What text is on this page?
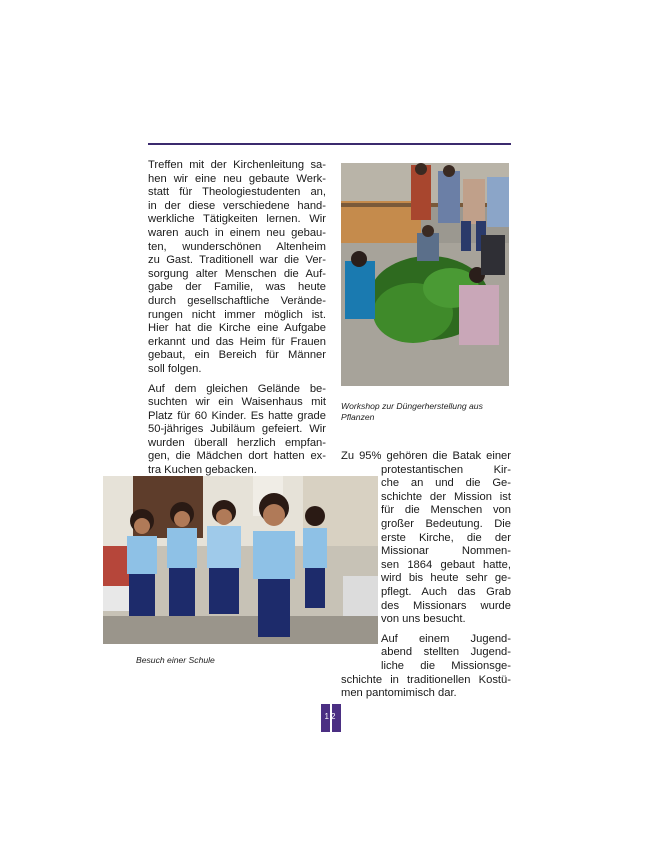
Treffen mit der Kirchenleitung sa-
hen wir eine neu gebaute Werk-
statt für Theologiestudenten an,
in der diese verschiedene hand-
werkliche Tätigkeiten lernen. Wir
waren auch in einem neu gebau-
ten, wunderschönen Altenheim
zu Gast. Traditionell war die Ver-
sorgung alter Menschen die Auf-
gabe der Familie, was heute
durch gesellschaftliche Verände-
rungen nicht immer möglich ist.
Hier hat die Kirche eine Aufgabe
erkannt und das Heim für Frauen
gebaut, ein Bereich für Männer
soll folgen.

Auf dem gleichen Gelände be-
suchten wir ein Waisenhaus mit
Platz für 60 Kinder. Es hatte grade
50-jähriges Jubiläum gefeiert. Wir
wurden überall herzlich empfan-
gen, die Mädchen dort hatten ex-
tra Kuchen gebacken.

Workshop zur Düngerherstellung aus Pflanzen
Zu 95% gehören die Batak einer
protestantischen Kir-
che an und die Ge-
schichte der Mission ist
für die Menschen von
großer Bedeutung. Die
erste Kirche, die der
Missionar Nommen-
sen 1864 gebaut hatte,
wird bis heute sehr ge-
pflegt. Auch das Grab
des Missionars wurde
von uns besucht.
Auf einem Jugend-
abend stellten Jugend-
liche die Missionsge-
schichte in traditionellen Kostü-
men pantomimisch dar.
Besuch einer Schule
12
